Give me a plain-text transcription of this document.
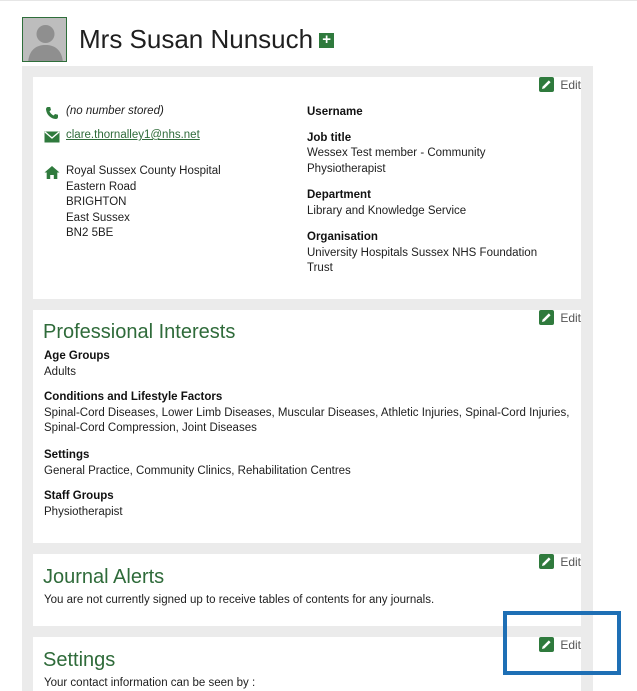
Mrs Susan Nunsuch +
Edit
(no number stored)
clare.thornalley1@nhs.net
Royal Sussex County Hospital
Eastern Road
BRIGHTON
East Sussex
BN2 5BE
Username
Job title
Wessex Test member - Community
Physiotherapist
Department
Library and Knowledge Service
Organisation
University Hospitals Sussex NHS Foundation
Trust
Edit
Professional Interests
Age Groups
Adults
Conditions and Lifestyle Factors
Spinal-Cord Diseases, Lower Limb Diseases, Muscular Diseases, Athletic Injuries, Spinal-Cord Injuries,
Spinal-Cord Compression, Joint Diseases
Settings
General Practice, Community Clinics, Rehabilitation Centres
Staff Groups
Physiotherapist
Edit
Journal Alerts
You are not currently signed up to receive tables of contents for any journals.
Edit
Settings
Your contact information can be seen by :
